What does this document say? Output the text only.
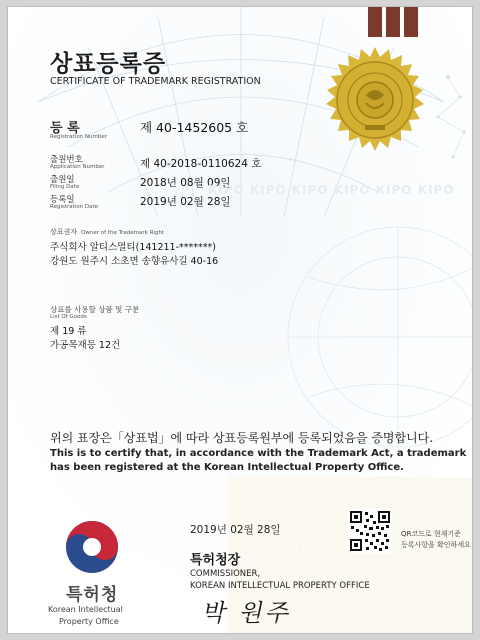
상표등록증
CERTIFICATE OF TRADEMARK REGISTRATION
등 록
Registration Number
제 40-1452605 호
출원번호
Application Number	제 40-2018-0110624 호
출원일
Filing Date	2018년 08월 09일
등록일
Registration Date	2019년 02월 28일
KIPO KIPO KIPO KIPO KIPO KIPO
상표권자 Owner of the Trademark Right
주식회사 알티스멀티(141211-*******)
강원도 원주시 소초면 송향유사길 40-16
상표를 사용할 상품 및 구분
List Of Goods
제 19 류
가공목재등 12건
위의 표장은「상표법」에 따라 상표등록원부에 등록되었음을 증명합니다.
This is to certify that, in accordance with the Trademark Act, a trademark
has been registered at the Korean Intellectual Property Office.
2019년 02월 28일
특허청장
COMMISSIONER,
KOREAN INTELLECTUAL PROPERTY OFFICE
박 원주
QR코드로 현재기준
등록사항을 확인하세요
특허청
Korean Intellectual
Property Office
